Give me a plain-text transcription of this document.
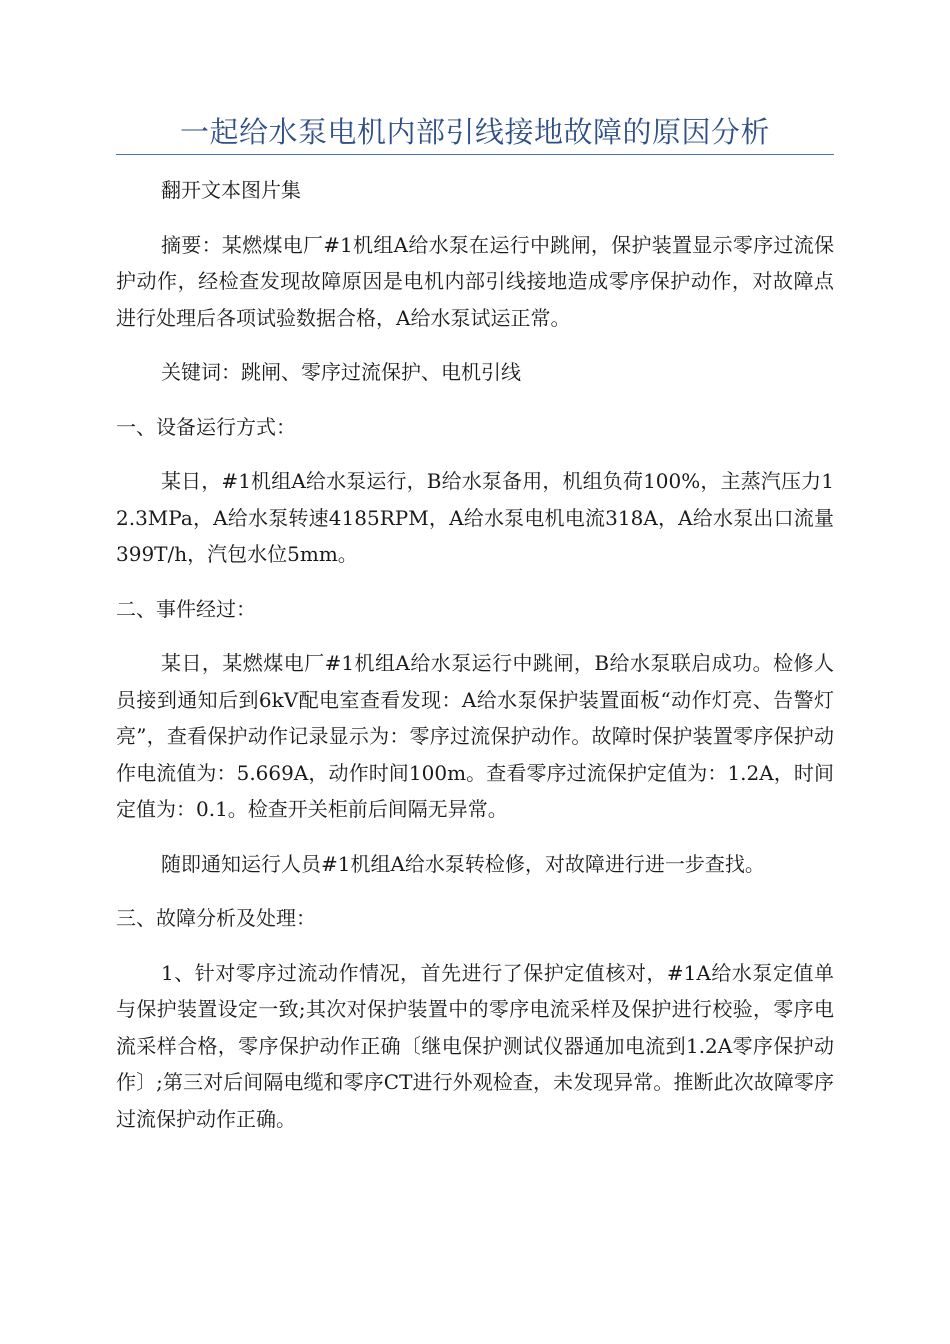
一起给水泵电机内部引线接地故障的原因分析

翻开文本图片集

摘要：某燃煤电厂#1机组A给水泵在运行中跳闸，保护装置显示零序过流保护动作，经检查发现故障原因是电机内部引线接地造成零序保护动作，对故障点进行处理后各项试验数据合格，A给水泵试运正常。

关键词：跳闸、零序过流保护、电机引线

一、设备运行方式：

某日，#1机组A给水泵运行，B给水泵备用，机组负荷100%，主蒸汽压力12.3MPa，A给水泵转速4185RPM，A给水泵电机电流318A，A给水泵出口流量399T/h，汽包水位5mm。

二、事件经过：

某日，某燃煤电厂#1机组A给水泵运行中跳闸，B给水泵联启成功。检修人员接到通知后到6kV配电室查看发现：A给水泵保护装置面板“动作灯亮、告警灯亮”，查看保护动作记录显示为：零序过流保护动作。故障时保护装置零序保护动作电流值为：5.669A，动作时间100m。查看零序过流保护定值为：1.2A，时间定值为：0.1。检查开关柜前后间隔无异常。

随即通知运行人员#1机组A给水泵转检修，对故障进行进一步查找。

三、故障分析及处理：

1、针对零序过流动作情况，首先进行了保护定值核对，#1A给水泵定值单与保护装置设定一致;其次对保护装置中的零序电流采样及保护进行校验，零序电流采样合格，零序保护动作正确〔继电保护测试仪器通加电流到1.2A零序保护动作〕;第三对后间隔电缆和零序CT进行外观检查，未发现异常。推断此次故障零序过流保护动作正确。
